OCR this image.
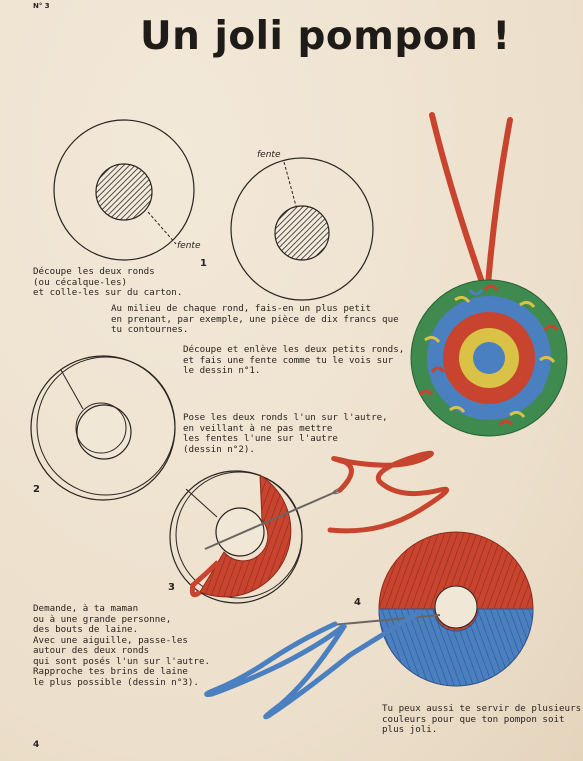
N° 3
Un joli pompon !
fente
fente
1
2
3
4
Découpe les deux ronds
(ou cécalque-les)
et colle-les sur du carton.
Au milieu de chaque rond, fais-en un plus petit
en prenant, par exemple, une pièce de dix francs que
tu contournes.
Découpe et enlève les deux petits ronds,
et fais une fente comme tu le vois sur
le dessin n°1.
Pose les deux ronds l'un sur l'autre,
en veillant à ne pas mettre
les fentes l'une sur l'autre
(dessin n°2).
Demande, à ta maman
ou à une grande personne,
des bouts de laine.
Avec une aiguille, passe-les
autour des deux ronds
qui sont posés l'un sur l'autre.
Rapproche tes brins de laine
le plus possible (dessin n°3).
Tu peux aussi te servir de plusieurs
couleurs pour que ton pompon soit
plus joli.
4
